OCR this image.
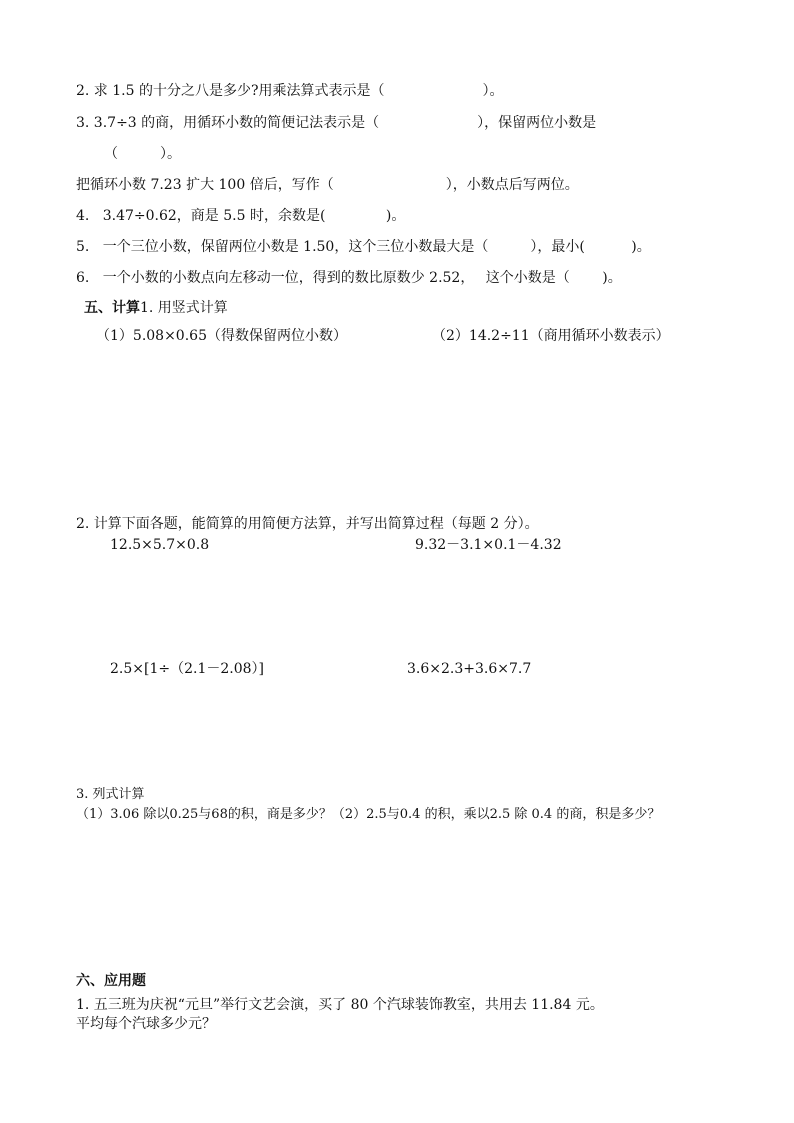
2. 求 1.5 的十分之八是多少?用乘法算式表示是（　　　　　　　）。
3. 3.7÷3 的商，用循环小数的简便记法表示是（　　　　　　　），保留两位小数是
（　　　）。
把循环小数 7.23 扩大 100 倍后，写作（　　　　　　　　），小数点后写两位。
4.   3.47÷0.62，商是 5.5 时，余数是(　　　　 )。
5.   一个三位小数，保留两位小数是 1.50，这个三位小数最大是（　　　），最小(　　　 )。
6.   一个小数的小数点向左移动一位，得到的数比原数少 2.52，　 这个小数是（　　 )。
五、计算1. 用竖式计算
（1）5.08×0.65（得数保留两位小数）	（2）14.2÷11（商用循环小数表示）
2. 计算下面各题，能简算的用简便方法算，并写出简算过程（每题 2 分）。
12.5×5.7×0.8	9.32－3.1×0.1－4.32
2.5×[1÷（2.1－2.08）]	3.6×2.3+3.6×7.7
3. 列式计算
（1）3.06 除以0.25与68的积，商是多少？（2）2.5与0.4 的积，乘以2.5 除 0.4 的商，积是多少？
六、应用题
1. 五三班为庆祝“元旦”举行文艺会演，买了 80 个汽球装饰教室，共用去 11.84 元。
平均每个汽球多少元？
